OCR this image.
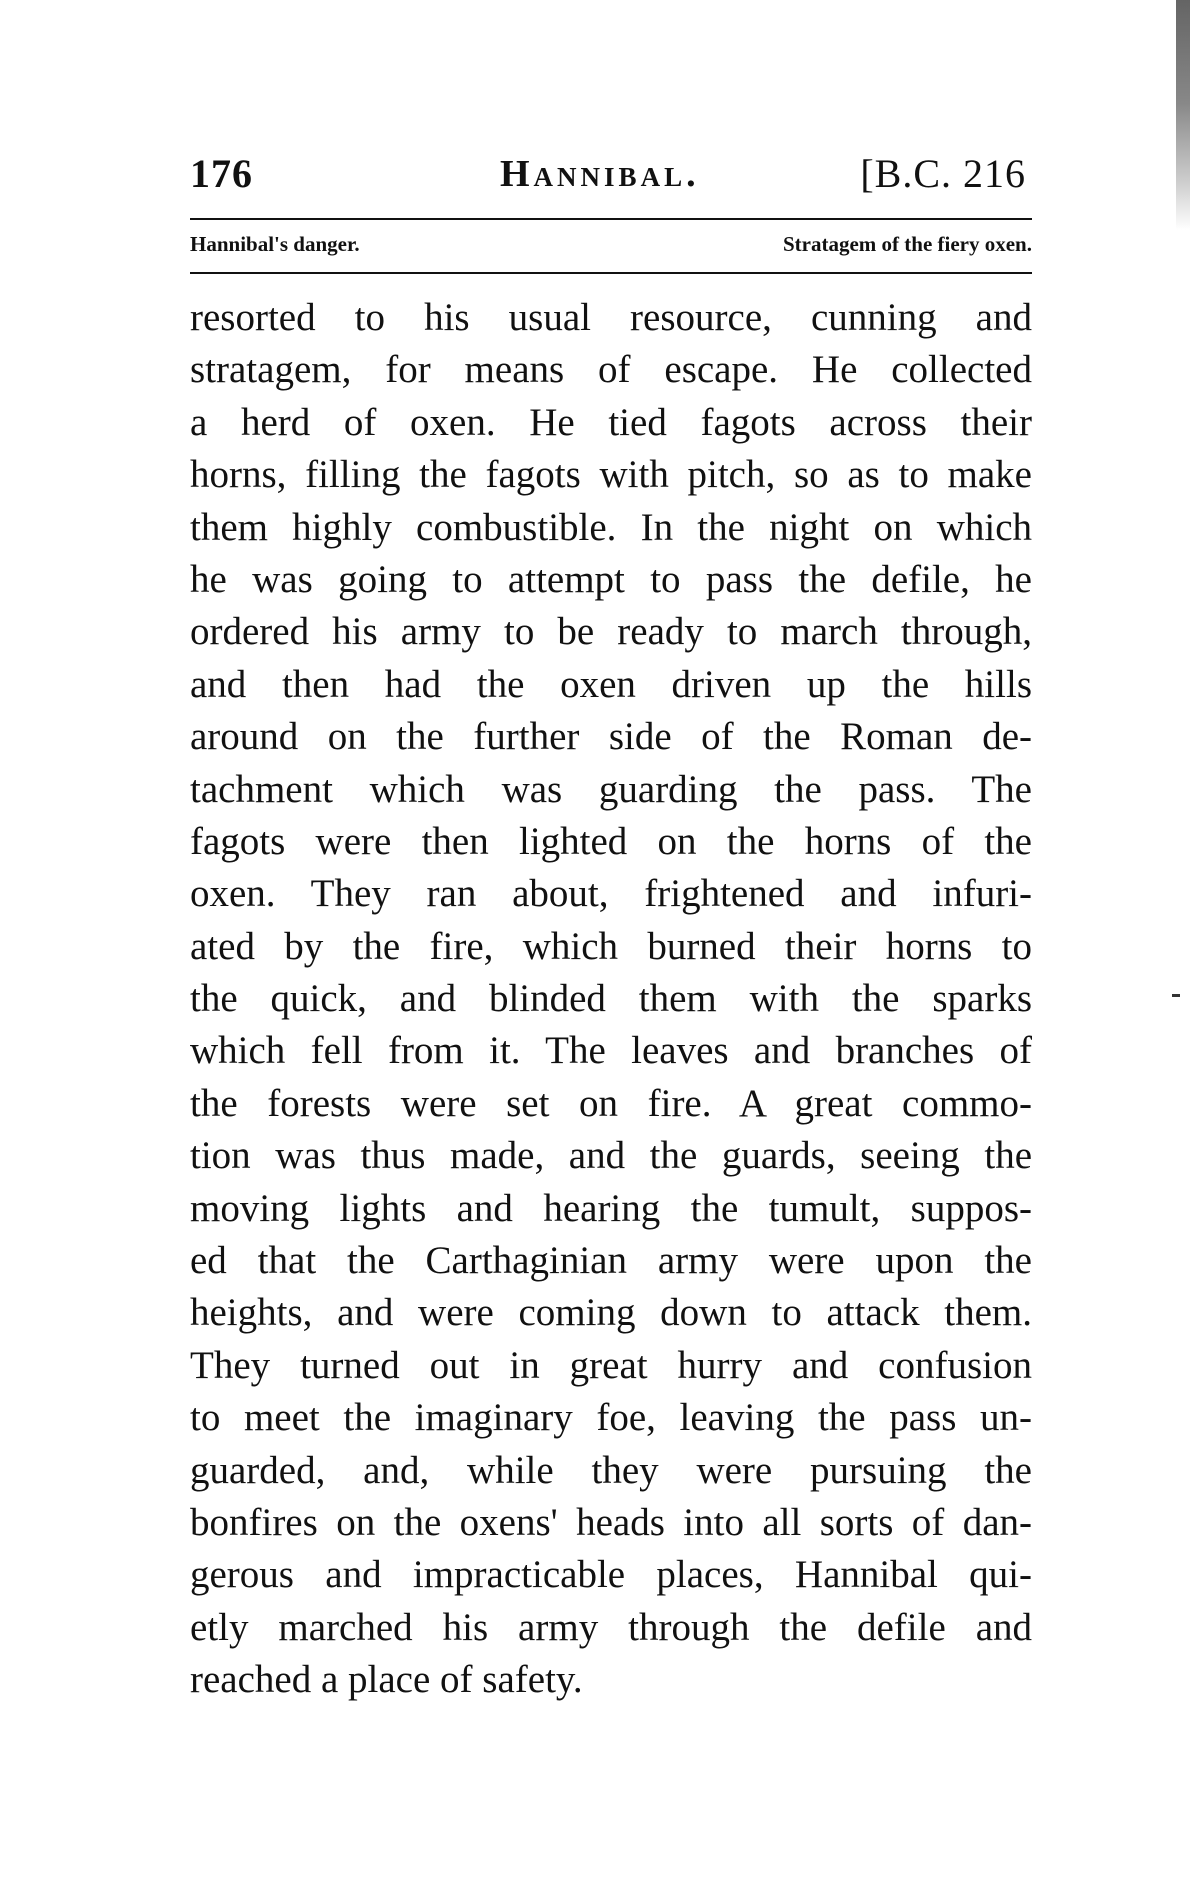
176	Hannibal.	[B.C. 216
Hannibal's danger.	Stratagem of the fiery oxen.
resorted to his usual resource, cunning and
stratagem, for means of escape. He collected
a herd of oxen. He tied fagots across their
horns, filling the fagots with pitch, so as to make
them highly combustible. In the night on which
he was going to attempt to pass the defile, he
ordered his army to be ready to march through,
and then had the oxen driven up the hills
around on the further side of the Roman de-
tachment which was guarding the pass. The
fagots were then lighted on the horns of the
oxen. They ran about, frightened and infuri-
ated by the fire, which burned their horns to
the quick, and blinded them with the sparks
which fell from it. The leaves and branches of
the forests were set on fire. A great commo-
tion was thus made, and the guards, seeing the
moving lights and hearing the tumult, suppos-
ed that the Carthaginian army were upon the
heights, and were coming down to attack them.
They turned out in great hurry and confusion
to meet the imaginary foe, leaving the pass un-
guarded, and, while they were pursuing the
bonfires on the oxens' heads into all sorts of dan-
gerous and impracticable places, Hannibal qui-
etly marched his army through the defile and
reached a place of safety.
